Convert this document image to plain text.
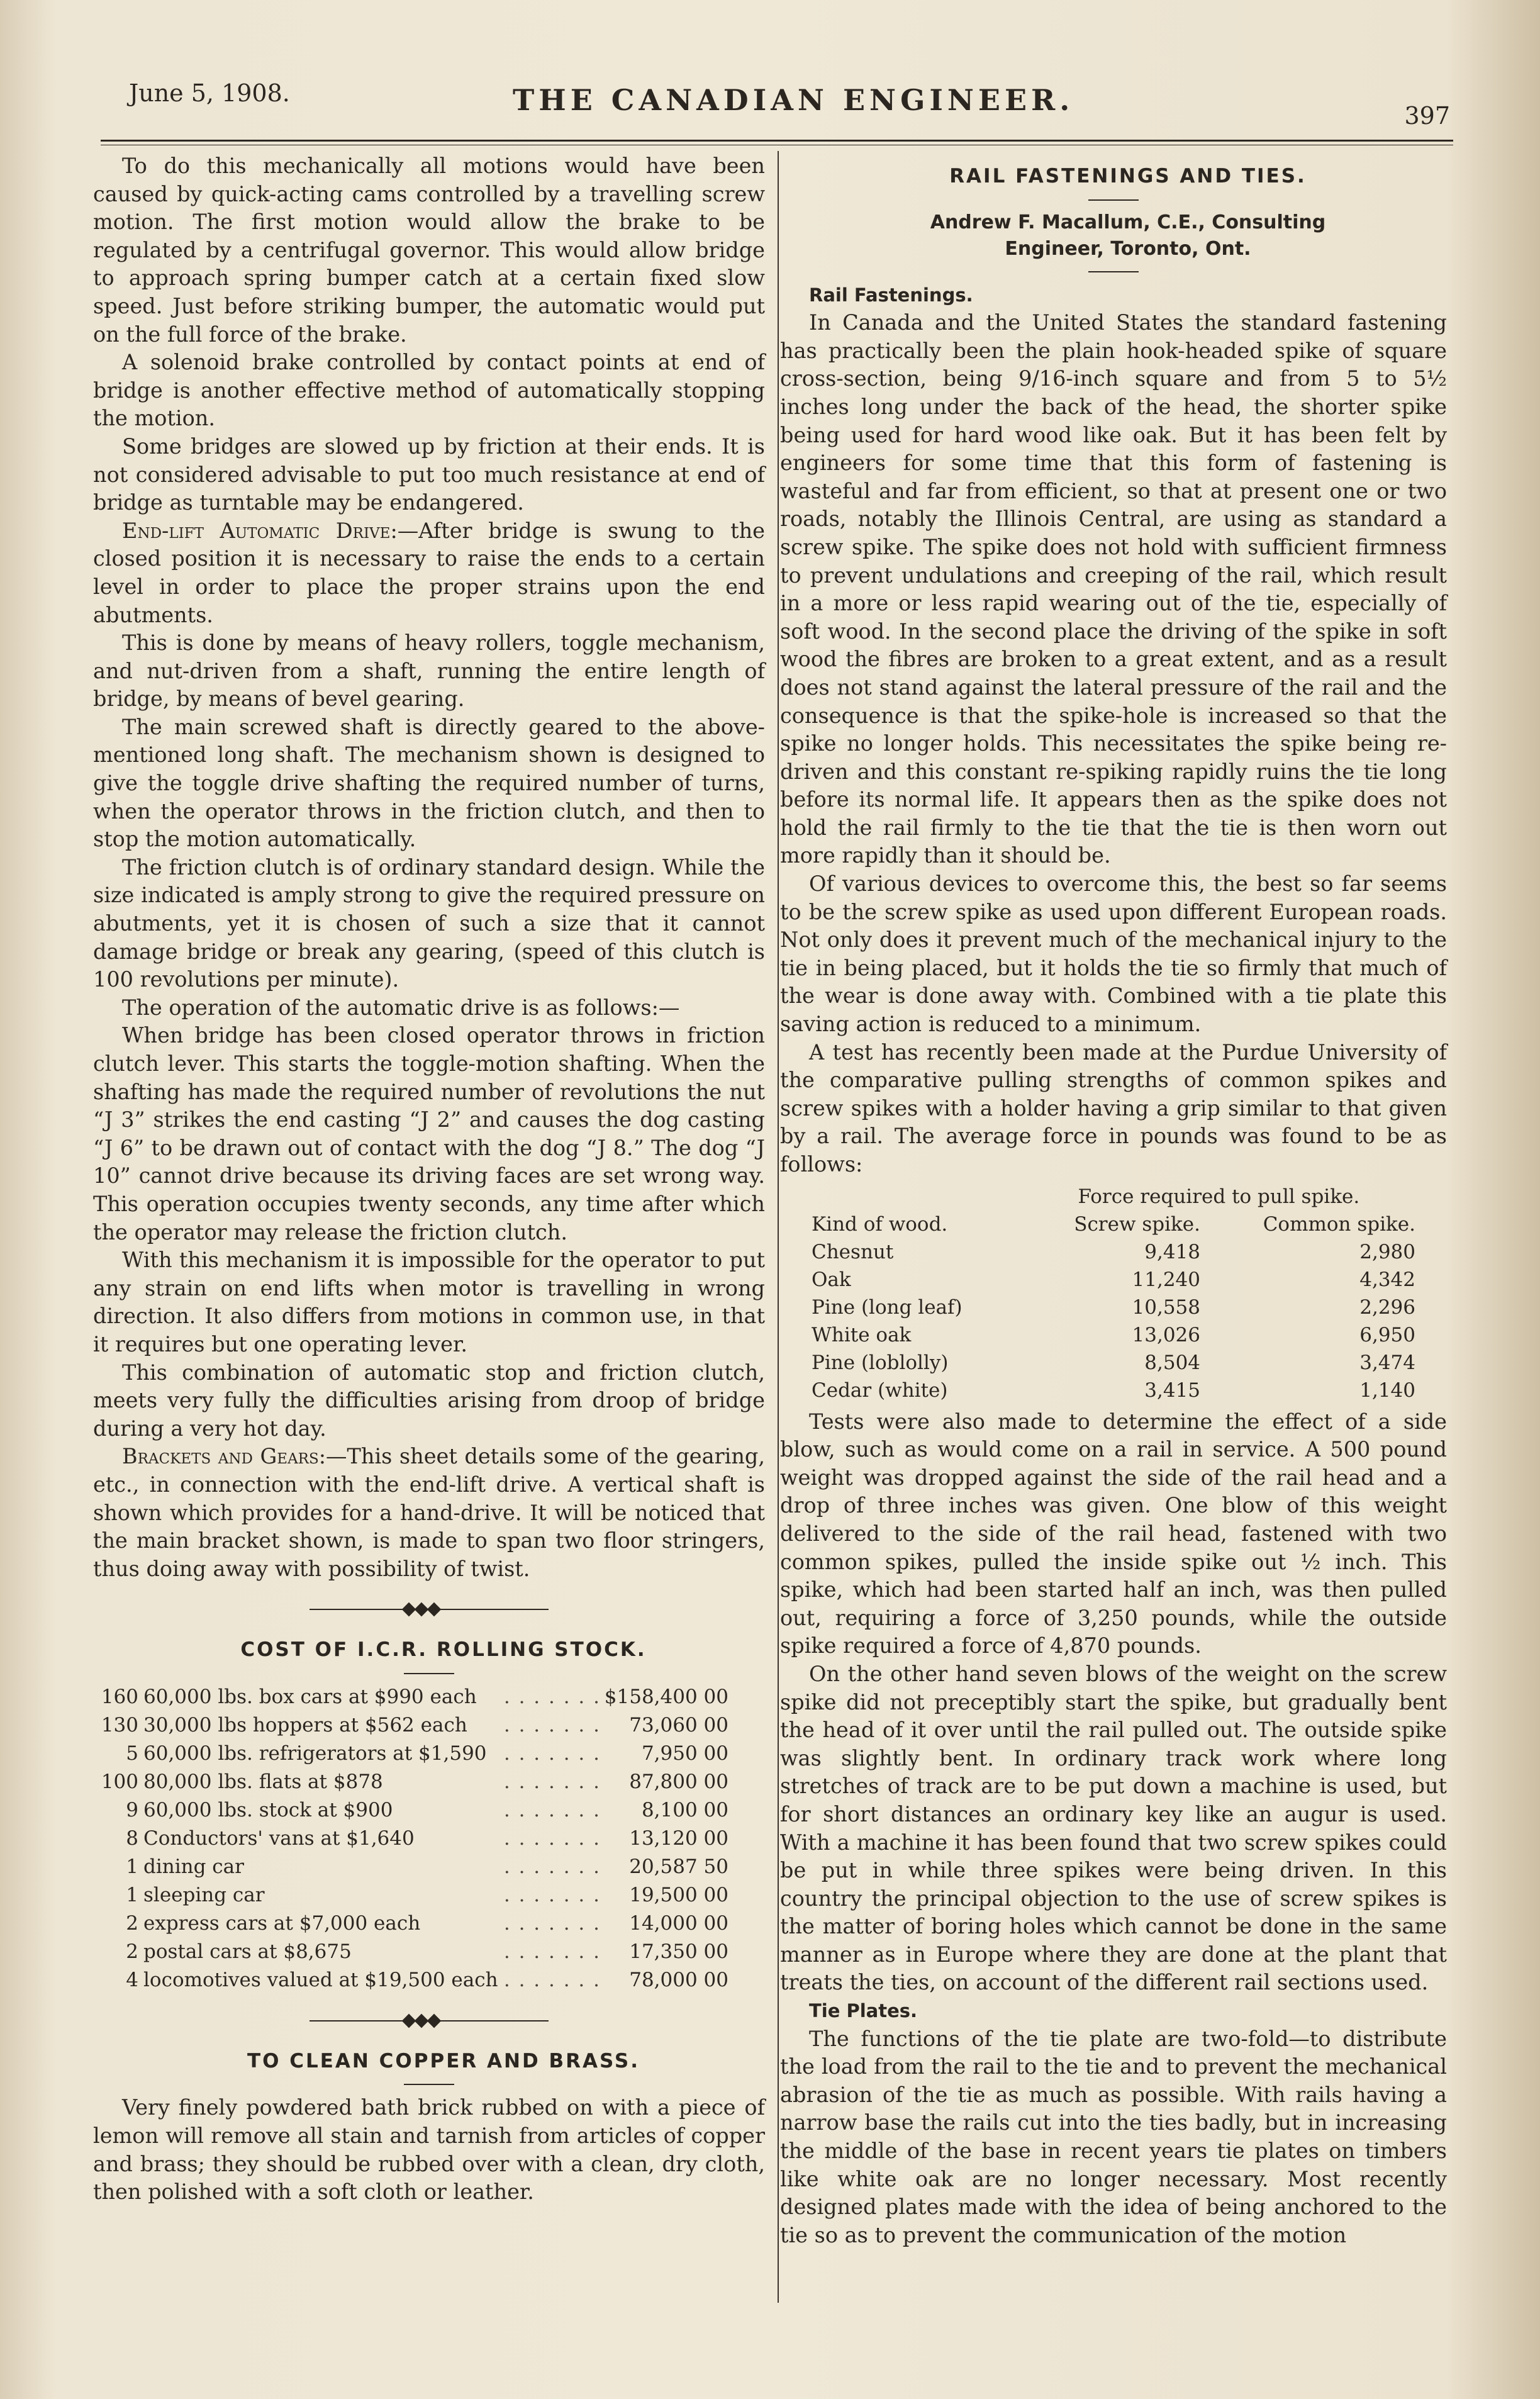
June 5, 1908.	THE CANADIAN ENGINEER.	397

To do this mechanically all motions would have been caused by quick-acting cams controlled by a travelling screw motion. The first motion would allow the brake to be regulated by a centrifugal governor. This would allow bridge to approach spring bumper catch at a certain fixed slow speed. Just before striking bumper, the automatic would put on the full force of the brake.

A solenoid brake controlled by contact points at end of bridge is another effective method of automatically stopping the motion.

Some bridges are slowed up by friction at their ends. It is not considered advisable to put too much resistance at end of bridge as turntable may be endangered.

End-lift Automatic Drive:—After bridge is swung to the closed position it is necessary to raise the ends to a certain level in order to place the proper strains upon the end abutments.

This is done by means of heavy rollers, toggle mechanism, and nut-driven from a shaft, running the entire length of bridge, by means of bevel gearing.

The main screwed shaft is directly geared to the above-mentioned long shaft. The mechanism shown is designed to give the toggle drive shafting the required number of turns, when the operator throws in the friction clutch, and then to stop the motion automatically.

The friction clutch is of ordinary standard design. While the size indicated is amply strong to give the required pressure on abutments, yet it is chosen of such a size that it cannot damage bridge or break any gearing, (speed of this clutch is 100 revolutions per minute).

The operation of the automatic drive is as follows:—

When bridge has been closed operator throws in friction clutch lever. This starts the toggle-motion shafting. When the shafting has made the required number of revolutions the nut “J 3” strikes the end casting “J 2” and causes the dog casting “J 6” to be drawn out of contact with the dog “J 8.” The dog “J 10” cannot drive because its driving faces are set wrong way. This operation occupies twenty seconds, any time after which the operator may release the friction clutch.

With this mechanism it is impossible for the operator to put any strain on end lifts when motor is travelling in wrong direction. It also differs from motions in common use, in that it requires but one operating lever.

This combination of automatic stop and friction clutch, meets very fully the difficulties arising from droop of bridge during a very hot day.

Brackets and Gears:—This sheet details some of the gearing, etc., in connection with the end-lift drive. A vertical shaft is shown which provides for a hand-drive. It will be noticed that the main bracket shown, is made to span two floor stringers, thus doing away with possibility of twist.

COST OF I.C.R. ROLLING STOCK.

160	60,000 lbs. box cars at $990 each	. . . . . . .	$158,400 00
130	30,000 lbs hoppers at $562 each	. . . . . . .	73,060 00
5	60,000 lbs. refrigerators at $1,590	. . . . . . .	7,950 00
100	80,000 lbs. flats at $878	. . . . . . .	87,800 00
9	60,000 lbs. stock at $900	. . . . . . .	8,100 00
8	Conductors' vans at $1,640	. . . . . . .	13,120 00
1	dining car	. . . . . . .	20,587 50
1	sleeping car	. . . . . . .	19,500 00
2	express cars at $7,000 each	. . . . . . .	14,000 00
2	postal cars at $8,675	. . . . . . .	17,350 00
4	locomotives valued at $19,500 each	. . . . . . .	78,000 00

TO CLEAN COPPER AND BRASS.

Very finely powdered bath brick rubbed on with a piece of lemon will remove all stain and tarnish from articles of copper and brass; they should be rubbed over with a clean, dry cloth, then polished with a soft cloth or leather.

RAIL FASTENINGS AND TIES.

Andrew F. Macallum, C.E., Consulting

Engineer, Toronto, Ont.

Rail Fastenings.

In Canada and the United States the standard fastening has practically been the plain hook-headed spike of square cross-section, being 9/16-inch square and from 5 to 5½ inches long under the back of the head, the shorter spike being used for hard wood like oak. But it has been felt by engineers for some time that this form of fastening is wasteful and far from efficient, so that at present one or two roads, notably the Illinois Central, are using as standard a screw spike. The spike does not hold with sufficient firmness to prevent undulations and creeping of the rail, which result in a more or less rapid wearing out of the tie, especially of soft wood. In the second place the driving of the spike in soft wood the fibres are broken to a great extent, and as a result does not stand against the lateral pressure of the rail and the consequence is that the spike-hole is increased so that the spike no longer holds. This necessitates the spike being re-driven and this constant re-spiking rapidly ruins the tie long before its normal life. It appears then as the spike does not hold the rail firmly to the tie that the tie is then worn out more rapidly than it should be.

Of various devices to overcome this, the best so far seems to be the screw spike as used upon different European roads. Not only does it prevent much of the mechanical injury to the tie in being placed, but it holds the tie so firmly that much of the wear is done away with. Combined with a tie plate this saving action is reduced to a minimum.

A test has recently been made at the Purdue University of the comparative pulling strengths of common spikes and screw spikes with a holder having a grip similar to that given by a rail. The average force in pounds was found to be as follows:

	Force required to pull spike.	
Kind of wood.	Screw spike.	Common spike.
Chesnut	9,418	2,980
Oak	11,240	4,342
Pine (long leaf)	10,558	2,296
White oak	13,026	6,950
Pine (loblolly)	8,504	3,474
Cedar (white)	3,415	1,140

Tests were also made to determine the effect of a side blow, such as would come on a rail in service. A 500 pound weight was dropped against the side of the rail head and a drop of three inches was given. One blow of this weight delivered to the side of the rail head, fastened with two common spikes, pulled the inside spike out ½ inch. This spike, which had been started half an inch, was then pulled out, requiring a force of 3,250 pounds, while the outside spike required a force of 4,870 pounds.

On the other hand seven blows of the weight on the screw spike did not preceptibly start the spike, but gradually bent the head of it over until the rail pulled out. The outside spike was slightly bent. In ordinary track work where long stretches of track are to be put down a machine is used, but for short distances an ordinary key like an augur is used. With a machine it has been found that two screw spikes could be put in while three spikes were being driven. In this country the principal objection to the use of screw spikes is the matter of boring holes which cannot be done in the same manner as in Europe where they are done at the plant that treats the ties, on account of the different rail sections used.

Tie Plates.

The functions of the tie plate are two-fold—to distribute the load from the rail to the tie and to prevent the mechanical abrasion of the tie as much as possible. With rails having a narrow base the rails cut into the ties badly, but in increasing the middle of the base in recent years tie plates on timbers like white oak are no longer necessary. Most recently designed plates made with the idea of being anchored to the tie so as to prevent the communication of the motion
